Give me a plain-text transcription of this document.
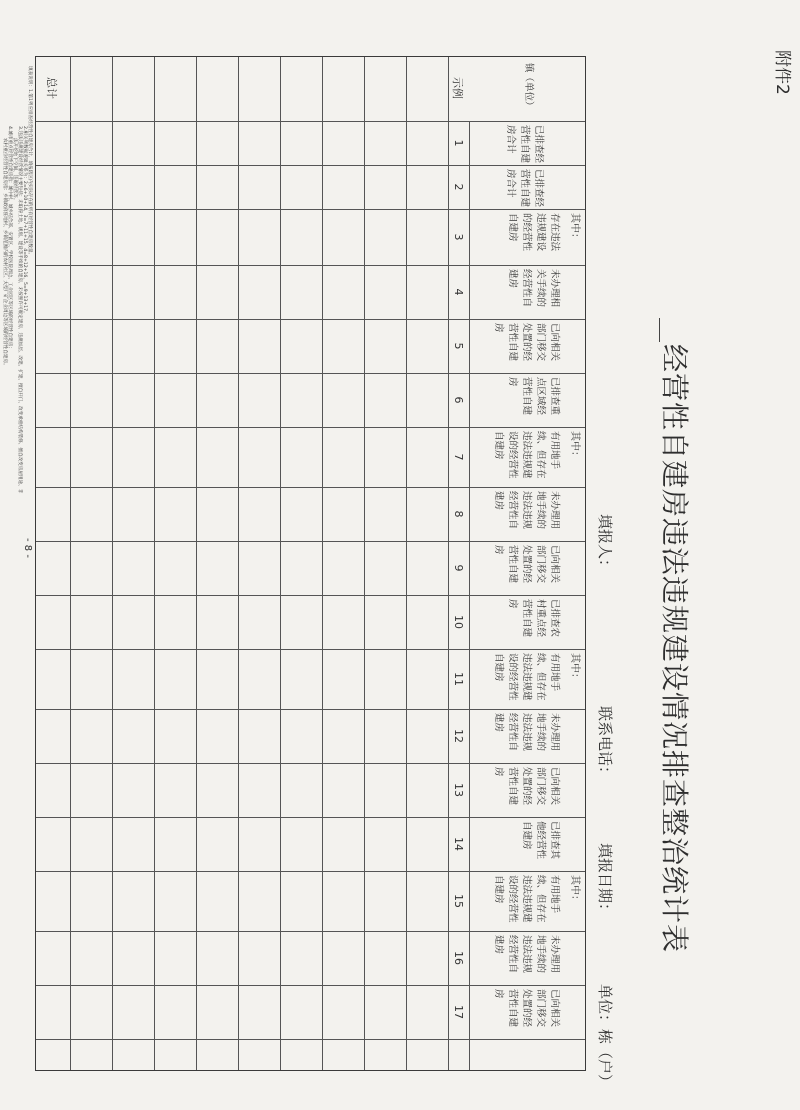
附件2
经营性自建房违法违规建设情况排查整治统计表
填报人：
联系电话：
填报日期：
单位：栋（户）
其中：
其中：
其中：
其中：
镇（单位）
已排查经
营性自建
房合计
已排查经
营性自建
房合计
存在违法
违规建设
的经营性
自建房
未办理相
关手续的
经营性自
建房
已向相关
部门移交
处置的经
营性自建
房
已排查重
点区域经
营性自建
房
有用地手
续、但存在
违法违规建
设的经营性
自建房
未办理用
地手续的
违法违规
经营性自
建房
已向相关
部门移交
处置的经
营性自建
房
已排查农
村重点经
营性自建
房
有用地手
续、但存在
违法违规建
设的经营性
自建房
未办理用
地手续的
违法违规
经营性自
建房
已向相关
部门移交
处置的经
营性自建
房
已排查其
他经营性
自建房
有用地手
续、但存在
违法违规建
设的经营性
自建房
未办理用
地手续的
违法违规
经营性自
建房
已向相关
部门移交
处置的经
营性自建
房
1
2
3
4
5
6
7
8
9
10
11
12
13
14
15
16
17
示例
总计
- 8 -
填表说明：1.第1列应排查经营性自建房合计，填报辖区内实际存在的所有经营性自建房数量。
2.相关列数据逻辑关系为：2=6+10+14，3=7+11+15，4=8+12+16，5=9+13+17。
3.违法违规建设经营情况主要包括：未取得土地、规划、建设等手续的自建房，未按照许可规定建房，违规加层、改建、扩建、擅自开门、改变承重结构装修、擅自改变房屋用途、非
法开挖地下空间、违规经营等。
4.城市重点经营性自建房指：城中村、城乡结合部、安置区、学校医院周边、工业园区等区域的经营性自建房；
农村重点经营性自建房指：乡镇政府驻地村、乡镇范围内的农村社区、大型厂矿企业周边等区域的经营性自建房。
